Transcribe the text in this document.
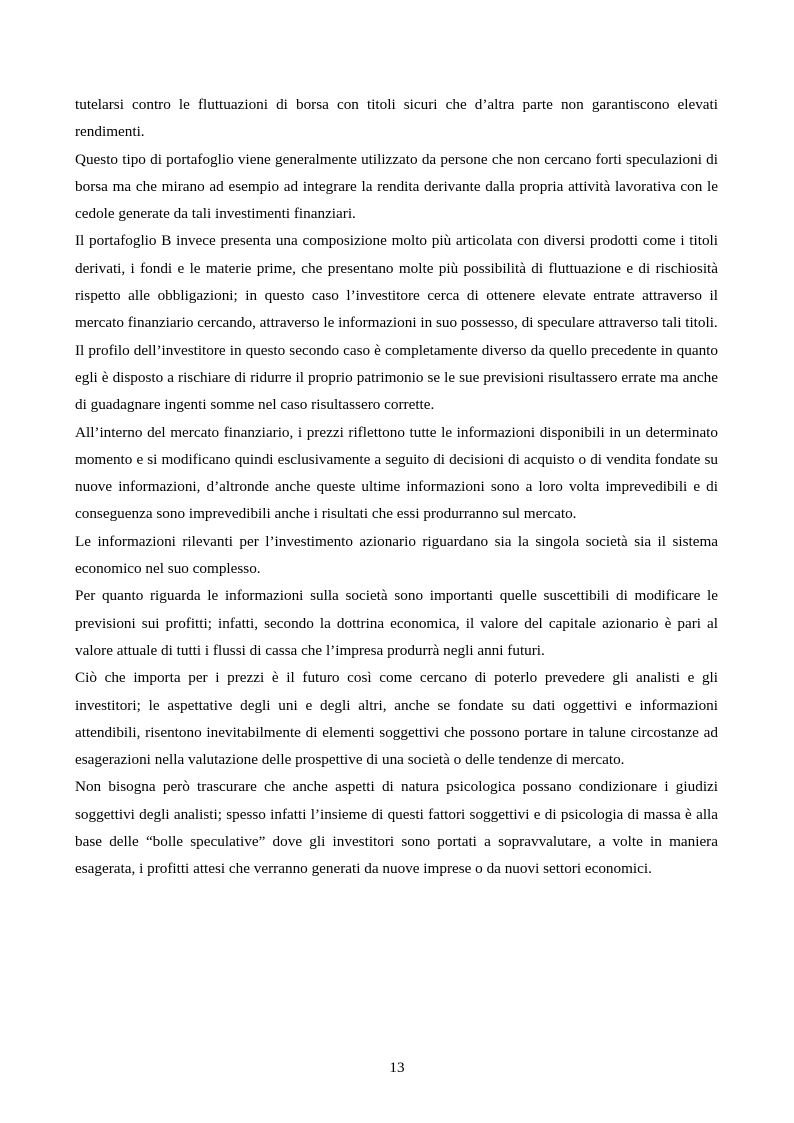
tutelarsi contro le fluttuazioni di borsa con titoli sicuri che d’altra parte non garantiscono elevati rendimenti.

Questo tipo di portafoglio viene generalmente utilizzato da persone che non cercano forti speculazioni di borsa ma che mirano ad esempio ad integrare la rendita derivante dalla propria attività lavorativa con le cedole generate da tali investimenti finanziari.

Il portafoglio B invece presenta una composizione molto più articolata con diversi prodotti come i titoli derivati, i fondi e le materie prime, che presentano molte più possibilità di fluttuazione e di rischiosità rispetto alle obbligazioni; in questo caso l’investitore cerca di ottenere elevate entrate attraverso il mercato finanziario cercando, attraverso le informazioni in suo possesso, di speculare attraverso tali titoli.

Il profilo dell’investitore in questo secondo caso è completamente diverso da quello precedente in quanto egli è disposto a rischiare di ridurre il proprio patrimonio se le sue previsioni risultassero errate ma anche di guadagnare ingenti somme nel caso risultassero corrette.

All’interno del mercato finanziario, i prezzi riflettono tutte le informazioni disponibili in un determinato momento e si modificano quindi esclusivamente a seguito di decisioni di acquisto o di vendita fondate su nuove informazioni, d’altronde anche queste ultime informazioni sono a loro volta imprevedibili e di conseguenza sono imprevedibili anche i risultati che essi produrranno sul mercato.

Le informazioni rilevanti per l’investimento azionario riguardano sia la singola società sia il sistema economico nel suo complesso.

Per quanto riguarda le informazioni sulla società sono importanti quelle suscettibili di modificare le previsioni sui profitti; infatti, secondo la dottrina economica, il valore del capitale azionario è pari al valore attuale di tutti i flussi di cassa che l’impresa produrrà negli anni futuri.

Ciò che importa per i prezzi è il futuro così come cercano di poterlo prevedere gli analisti e gli investitori; le aspettative degli uni e degli altri, anche se fondate su dati oggettivi e informazioni attendibili, risentono inevitabilmente di elementi soggettivi che possono portare in talune circostanze ad esagerazioni nella valutazione delle prospettive di una società o delle tendenze di mercato.

Non bisogna però trascurare che anche aspetti di natura psicologica possano condizionare i giudizi soggettivi degli analisti; spesso infatti l’insieme di questi fattori soggettivi e di psicologia di massa è alla base delle “bolle speculative” dove gli investitori sono portati a sopravvalutare, a volte in maniera esagerata, i profitti attesi che verranno generati da nuove imprese o da nuovi settori economici.

13
